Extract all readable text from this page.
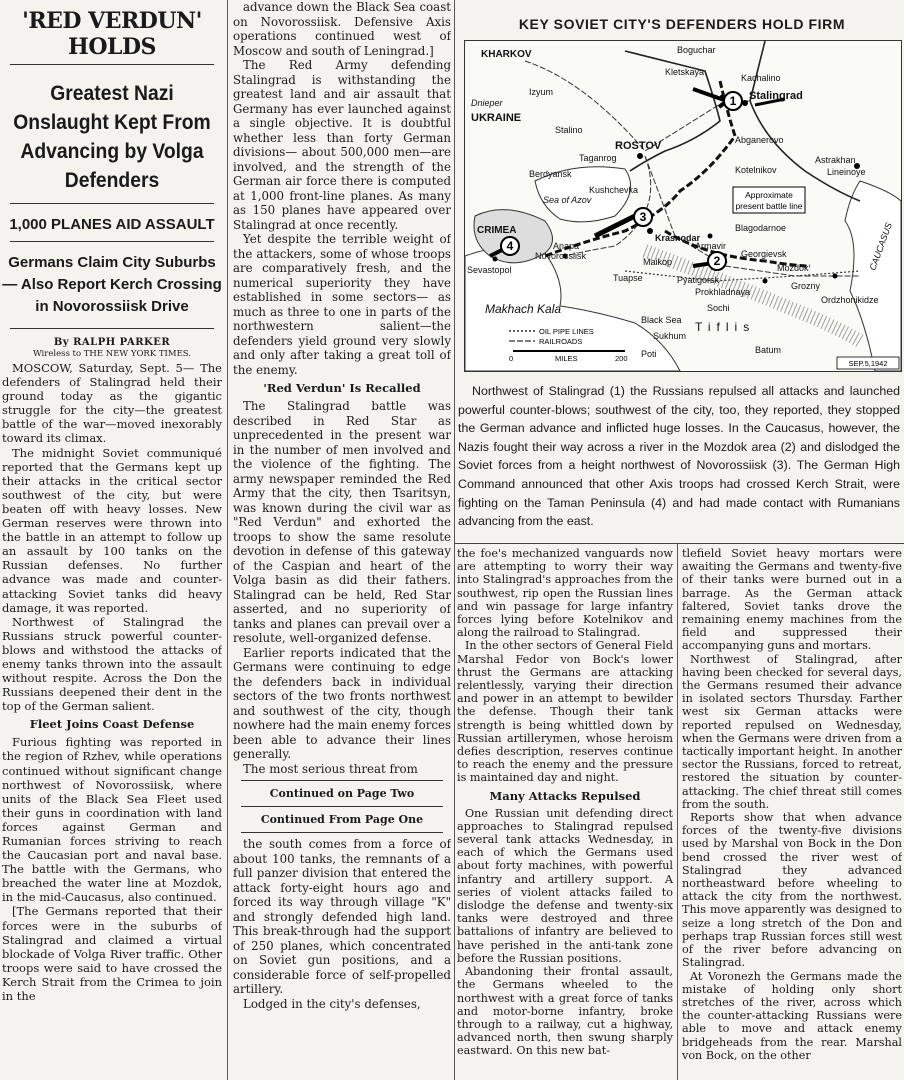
'RED VERDUN' HOLDS
Greatest Nazi Onslaught Kept From Advancing by Volga Defenders
1,000 PLANES AID ASSAULT
Germans Claim City Suburbs— Also Report Kerch Crossing in Novorossiisk Drive
By RALPH PARKER
Wireless to THE NEW YORK TIMES.

MOSCOW, Saturday, Sept. 5— The defenders of Stalingrad held their ground today as the gigantic struggle for the city—the greatest battle of the war—moved inexorably toward its climax.

The midnight Soviet communiqué reported that the Germans kept up their attacks in the critical sector southwest of the city, but were beaten off with heavy losses. New German reserves were thrown into the battle in an attempt to follow up an assault by 100 tanks on the Russian defenses. No further advance was made and counter-attacking Soviet tanks did heavy damage, it was reported.

Northwest of Stalingrad the Russians struck powerful counter-blows and withstood the attacks of enemy tanks thrown into the assault without respite. Across the Don the Russians deepened their dent in the top of the German salient.

Fleet Joins Coast Defense

Furious fighting was reported in the region of Rzhev, while operations continued without significant change northwest of Novorossiisk, where units of the Black Sea Fleet used their guns in coordination with land forces against German and Rumanian forces striving to reach the Caucasian port and naval base. The battle with the Germans, who breached the water line at Mozdok, in the mid-Caucasus, also continued.

[The Germans reported that their forces were in the suburbs of Stalingrad and claimed a virtual blockade of Volga River traffic. Other troops were said to have crossed the Kerch Strait from the Crimea to join in the

advance down the Black Sea coast on Novorossiisk. Defensive Axis operations continued west of Moscow and south of Leningrad.]

The Red Army defending Stalingrad is withstanding the greatest land and air assault that Germany has ever launched against a single objective. It is doubtful whether less than forty German divisions— about 500,000 men—are involved, and the strength of the German air force there is computed at 1,000 front-line planes. As many as 150 planes have appeared over Stalingrad at once recently.

Yet despite the terrible weight of the attackers, some of whose troops are comparatively fresh, and the numerical superiority they have established in some sectors— as much as three to one in parts of the northwestern salient—the defenders yield ground very slowly and only after taking a great toll of the enemy.

'Red Verdun' Is Recalled

The Stalingrad battle was described in Red Star as unprecedented in the present war in the number of men involved and the violence of the fighting. The army newspaper reminded the Red Army that the city, then Tsaritsyn, was known during the civil war as "Red Verdun" and exhorted the troops to show the same resolute devotion in defense of this gateway of the Caspian and heart of the Volga basin as did their fathers. Stalingrad can be held, Red Star asserted, and no superiority of tanks and planes can prevail over a resolute, well-organized defense.

Earlier reports indicated that the Germans were continuing to edge the defenders back in individual sectors of the two fronts northwest and southwest of the city, though nowhere had the main enemy forces been able to advance their lines generally.

The most serious threat from

Continued on Page Two
Continued From Page One

the south comes from a force of about 100 tanks, the remnants of a full panzer division that entered the attack forty-eight hours ago and forced its way through village "K" and strongly defended high land. This break-through had the support of 250 planes, which concentrated on Soviet gun positions, and a considerable force of self-propelled artillery.

Lodged in the city's defenses,

KEY SOVIET CITY'S DEFENDERS HOLD FIRM
1
2
3
4
KHARKOV	Boguchar
Kletskaya
Kachalino
Stalingrad
Izyum
UKRAINE
Dnieper
Stalino
Abganerovo
ROSTOV
Taganrog
Kotelnikov
Berdyansk
Kushchevka
Astrakhan
Lineinoye
Sea of Azov
CRIMEA
Krasnodar
Blagodarnoe
Anapa
Novorossiisk
Sevastopol
Armavir
Maikop
Georgievsk
Mozdok
Tuapse	Pyatigorsk
Prokhladnaya
Grozny
Sochi
Ordzhonikidze
Makhach Kala
Black Sea
Sukhum
Poti	Batum
Tiflis
CAUCASUS
Approximate
present battle line
OIL PIPE LINES
RAILROADS
0	MILES	200
SEP.5,1942

Northwest of Stalingrad (1) the Russians repulsed all attacks and launched powerful counter-blows; southwest of the city, too, they reported, they stopped the German advance and inflicted huge losses. In the Caucasus, however, the Nazis fought their way across a river in the Mozdok area (2) and dislodged the Soviet forces from a height northwest of Novorossiisk (3). The German High Command announced that other Axis troops had crossed Kerch Strait, were fighting on the Taman Peninsula (4) and had made contact with Rumanians advancing from the east.

the foe's mechanized vanguards now are attempting to worry their way into Stalingrad's approaches from the southwest, rip open the Russian lines and win passage for large infantry forces lying before Kotelnikov and along the railroad to Stalingrad.

In the other sectors of General Field Marshal Fedor von Bock's lower thrust the Germans are attacking relentlessly, varying their direction and power in an attempt to bewilder the defense. Though their tank strength is being whittled down by Russian artillerymen, whose heroism defies description, reserves continue to reach the enemy and the pressure is maintained day and night.

Many Attacks Repulsed

One Russian unit defending direct approaches to Stalingrad repulsed several tank attacks Wednesday, in each of which the Germans used about forty machines, with powerful infantry and artillery support. A series of violent attacks failed to dislodge the defense and twenty-six tanks were destroyed and three battalions of infantry are believed to have perished in the anti-tank zone before the Russian positions.

Abandoning their frontal assault, the Germans wheeled to the northwest with a great force of tanks and motor-borne infantry, broke through to a railway, cut a highway, advanced north, then swung sharply eastward. On this new bat-

tlefield Soviet heavy mortars were awaiting the Germans and twenty-five of their tanks were burned out in a barrage. As the German attack faltered, Soviet tanks drove the remaining enemy machines from the field and suppressed their accompanying guns and mortars.

Northwest of Stalingrad, after having been checked for several days, the Germans resumed their advance in isolated sectors Thursday. Farther west six German attacks were reported repulsed on Wednesday, when the Germans were driven from a tactically important height. In another sector the Russians, forced to retreat, restored the situation by counter-attacking. The chief threat still comes from the south.

Reports show that when advance forces of the twenty-five divisions used by Marshal von Bock in the Don bend crossed the river west of Stalingrad they advanced northeastward before wheeling to attack the city from the northwest. This move apparently was designed to seize a long stretch of the Don and perhaps trap Russian forces still west of the river before advancing on Stalingrad.

At Voronezh the Germans made the mistake of holding only short stretches of the river, across which the counter-attacking Russians were able to move and attack enemy bridgeheads from the rear. Marshal von Bock, on the other
